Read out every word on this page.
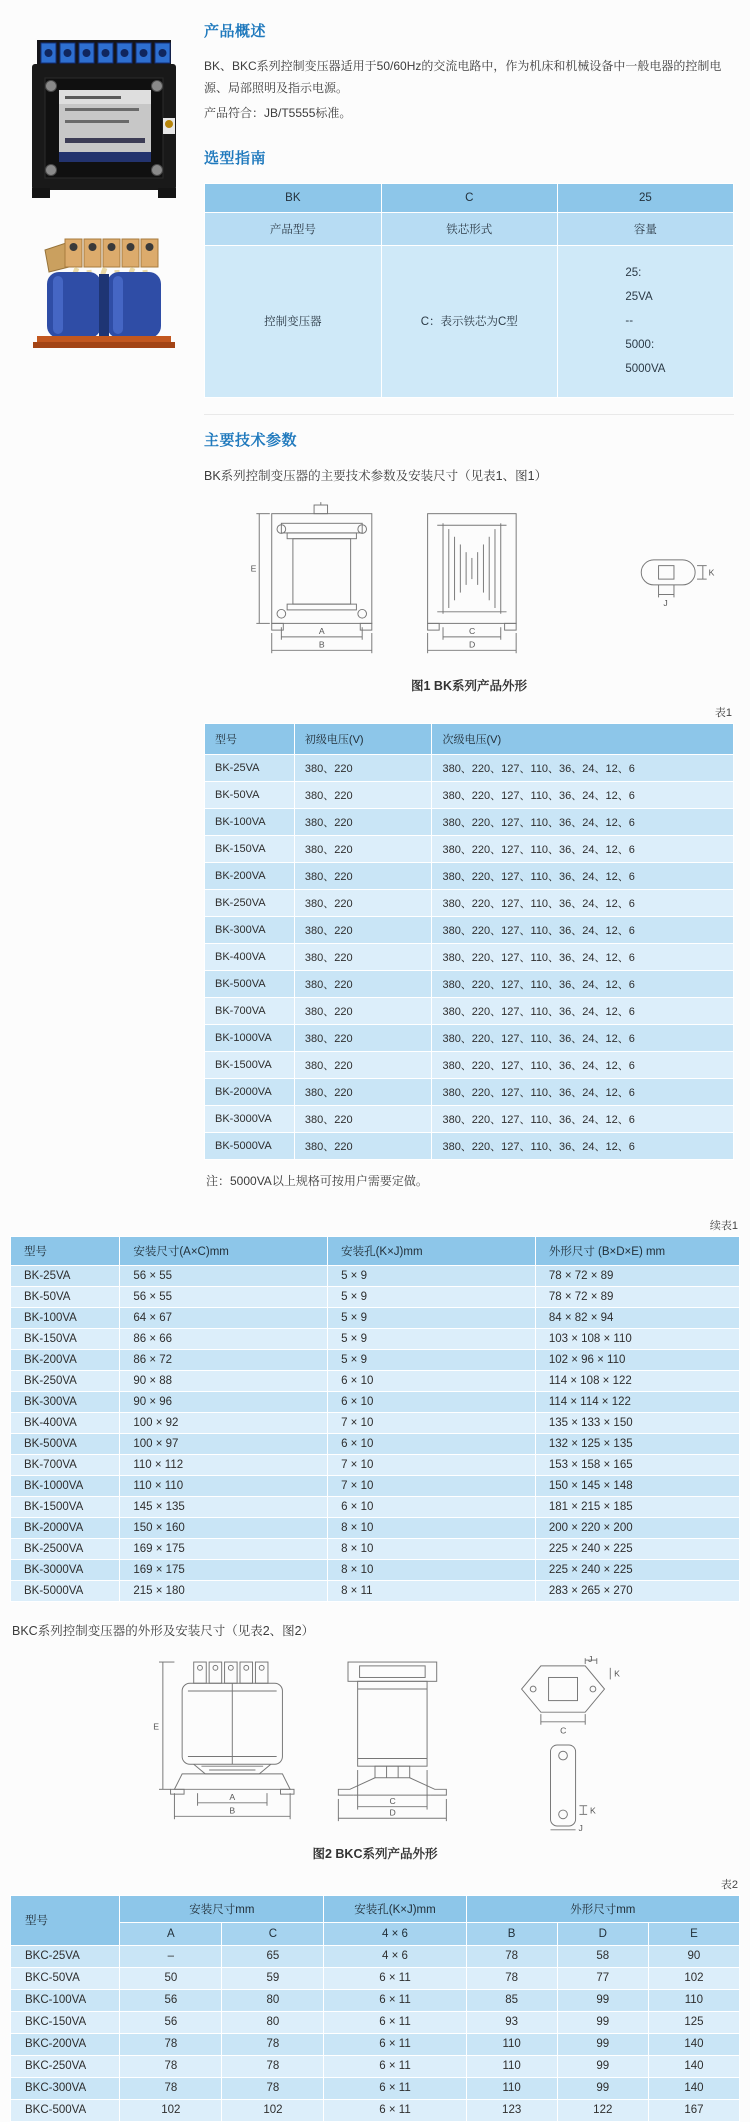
产品概述

BK、BKC系列控制变压器适用于50/60Hz的交流电路中，作为机床和机械设备中一般电器的控制电源、局部照明及指示电源。

产品符合：JB/T5555标准。

选型指南
BK	C	25
产品型号	铁芯形式	容量
控制变压器	C：表示铁芯为C型	25:
25VA
--
5000:
5000VA
主要技术参数

BK系列控制变压器的主要技术参数及安装尺寸（见表1、图1）

E
A
B
C
D
K
J
图1 BK系列产品外形
表1
型号	初级电压(V)	次级电压(V)
BK-25VA	380、220	380、220、127、110、36、24、12、6
BK-50VA	380、220	380、220、127、110、36、24、12、6
BK-100VA	380、220	380、220、127、110、36、24、12、6
BK-150VA	380、220	380、220、127、110、36、24、12、6
BK-200VA	380、220	380、220、127、110、36、24、12、6
BK-250VA	380、220	380、220、127、110、36、24、12、6
BK-300VA	380、220	380、220、127、110、36、24、12、6
BK-400VA	380、220	380、220、127、110、36、24、12、6
BK-500VA	380、220	380、220、127、110、36、24、12、6
BK-700VA	380、220	380、220、127、110、36、24、12、6
BK-1000VA	380、220	380、220、127、110、36、24、12、6
BK-1500VA	380、220	380、220、127、110、36、24、12、6
BK-2000VA	380、220	380、220、127、110、36、24、12、6
BK-3000VA	380、220	380、220、127、110、36、24、12、6
BK-5000VA	380、220	380、220、127、110、36、24、12、6

注：5000VA以上规格可按用户需要定做。

续表1
型号	安装尺寸(A×C)mm	安装孔(K×J)mm	外形尺寸 (B×D×E) mm
BK-25VA	56 × 55	5 × 9	78 × 72 × 89
BK-50VA	56 × 55	5 × 9	78 × 72 × 89
BK-100VA	64 × 67	5 × 9	84 × 82 × 94
BK-150VA	86 × 66	5 × 9	103 × 108 × 110
BK-200VA	86 × 72	5 × 9	102 × 96 × 110
BK-250VA	90 × 88	6 × 10	114 × 108 × 122
BK-300VA	90 × 96	6 × 10	114 × 114 × 122
BK-400VA	100 × 92	7 × 10	135 × 133 × 150
BK-500VA	100 × 97	6 × 10	132 × 125 × 135
BK-700VA	110 × 112	7 × 10	153 × 158 × 165
BK-1000VA	110 × 110	7 × 10	150 × 145 × 148
BK-1500VA	145 × 135	6 × 10	181 × 215 × 185
BK-2000VA	150 × 160	8 × 10	200 × 220 × 200
BK-2500VA	169 × 175	8 × 10	225 × 240 × 225
BK-3000VA	169 × 175	8 × 10	225 × 240 × 225
BK-5000VA	215 × 180	8 × 11	283 × 265 × 270

BKC系列控制变压器的外形及安装尺寸（见表2、图2）

E
A
B
C
D
J
K
C
K
J
图2 BKC系列产品外形
表2
型号	安装尺寸mm		安装孔(K×J)mm	外形尺寸mm		
	A	C	4 × 6	B	D	E
BKC-25VA	–	65	4 × 6	78	58	90
BKC-50VA	50	59	6 × 11	78	77	102
BKC-100VA	56	80	6 × 11	85	99	110
BKC-150VA	56	80	6 × 11	93	99	125
BKC-200VA	78	78	6 × 11	110	99	140
BKC-250VA	78	78	6 × 11	110	99	140
BKC-300VA	78	78	6 × 11	110	99	140
BKC-500VA	102	102	6 × 11	123	122	167
